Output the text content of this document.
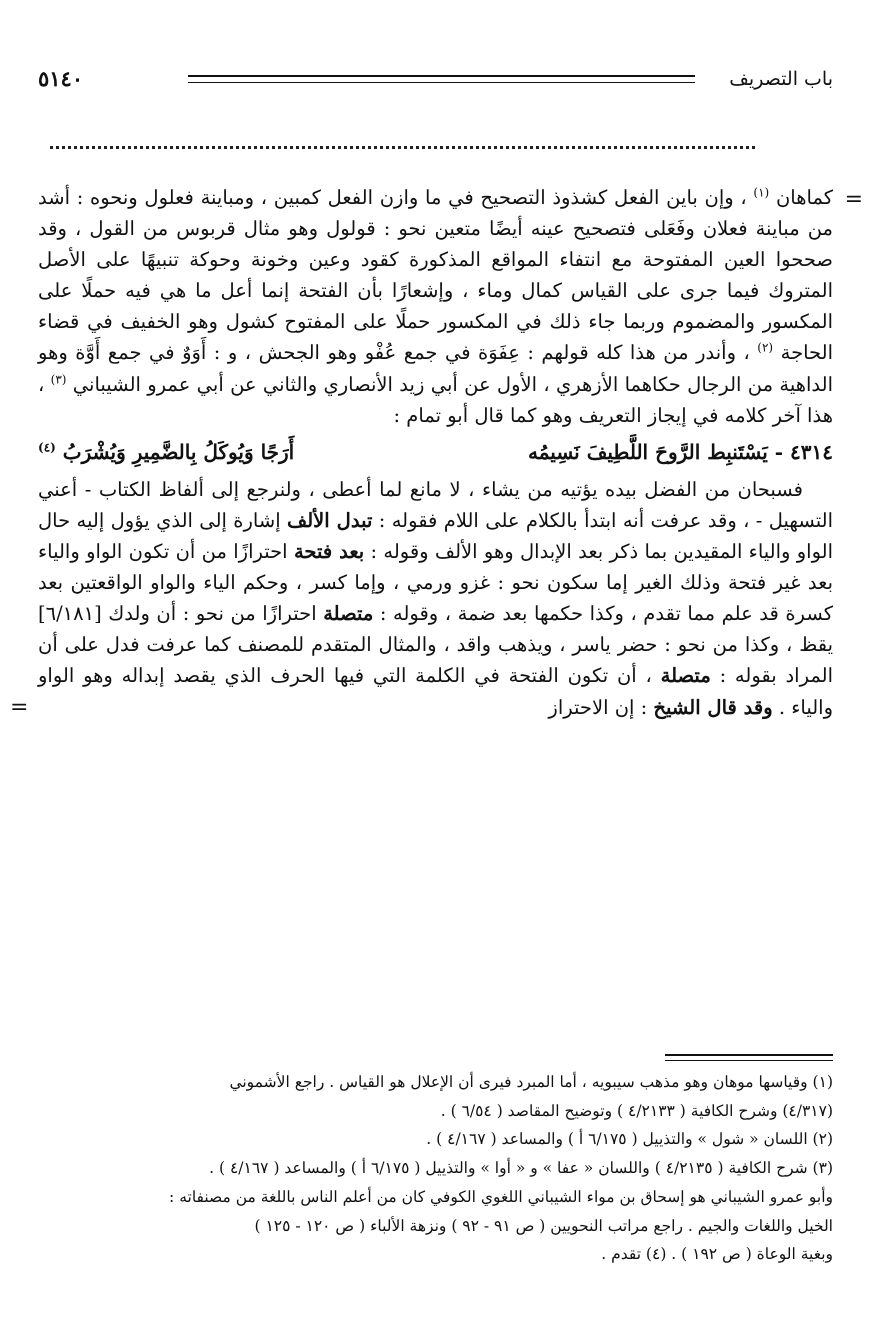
باب التصريف
٥١٤٠
=

كماهان $^{(١)}$ ، وإن باين الفعل كشذوذ التصحيح في ما وازن الفعل كمبين ، ومباينة فعلول ونحوه : أشد من مباينة فعلان وفَعَلى فتصحيح عينه أيضًا متعين نحو : قولول وهو مثال قربوس من القول ، وقد صححوا العين المفتوحة مع انتفاء المواقع المذكورة كقود وعين وخونة وحوكة تنبيهًا على الأصل المتروك فيما جرى على القياس كمال وماء ، وإشعارًا بأن الفتحة إنما أعل ما هي فيه حملًا على المكسور والمضموم وربما جاء ذلك في المكسور حملًا على المفتوح كشول وهو الخفيف في قضاء الحاجة $^{(٢)}$ ، وأندر من هذا كله قولهم : عِفَوَة في جمع عُفْو وهو الجحش ، و : أَوَوٌ في جمع أَوَّة وهو الداهية من الرجال حكاهما الأزهري ، الأول عن أبي زيد الأنصاري والثاني عن أبي عمرو الشيباني $^{(٣)}$ ، هذا آخر كلامه في إيجاز التعريف وهو كما قال أبو تمام :

٤٣١٤ - يَسْتَنبِط الرَّوحَ اللَّطِيفَ نَسِيمُه
أَرَجًا وَيُوكَلُ بِالضَّمِيرِ وَيُشْرَبُ $^{(٤)}$

فسبحان من الفضل بيده يؤتيه من يشاء ، لا مانع لما أعطى ، ولنرجع إلى ألفاظ الكتاب - أعني التسهيل - ، وقد عرفت أنه ابتدأ بالكلام على اللام فقوله : تبدل الألف إشارة إلى الذي يؤول إليه حال الواو والياء المقيدين بما ذكر بعد الإبدال وهو الألف وقوله : بعد فتحة احترازًا من أن تكون الواو والياء بعد غير فتحة وذلك الغير إما سكون نحو : غزو ورمي ، وإما كسر ، وحكم الياء والواو الواقعتين بعد كسرة قد علم مما تقدم ، وكذا حكمها بعد ضمة ، وقوله : متصلة احترازًا من نحو : أن ولدك [٦/١٨١] يقظ ، وكذا من نحو : حضر ياسر ، ويذهب واقد ، والمثال المتقدم للمصنف كما عرفت فدل على أن المراد بقوله : متصلة ، أن تكون الفتحة في الكلمة التي فيها الحرف الذي يقصد إبداله وهو الواو والياء . وقد قال الشيخ : إن الاحتراز
=

(١) وقياسها موهان وهو مذهب سيبويه ، أما المبرد فيرى أن الإعلال هو القياس . راجع الأشموني
(٤/٣١٧) وشرح الكافية ( ٤/٢١٣٣ ) وتوضيح المقاصد ( ٦/٥٤ ) .
(٢) اللسان « شول » والتذييل ( ٦/١٧٥ أ ) والمساعد ( ٤/١٦٧ ) .
(٣) شرح الكافية ( ٤/٢١٣٥ ) واللسان « عفا » و « أوا » والتذييل ( ٦/١٧٥ أ ) والمساعد ( ٤/١٦٧ ) .
وأبو عمرو الشيباني هو إسحاق بن مواء الشيباني اللغوي الكوفي كان من أعلم الناس باللغة من مصنفاته :
الخيل واللغات والجيم . راجع مراتب النحويين ( ص ٩١ - ٩٢ ) ونزهة الألباء ( ص ١٢٠ - ١٢٥ )
وبغية الوعاة ( ص ١٩٢ ) . (٤) تقدم .
